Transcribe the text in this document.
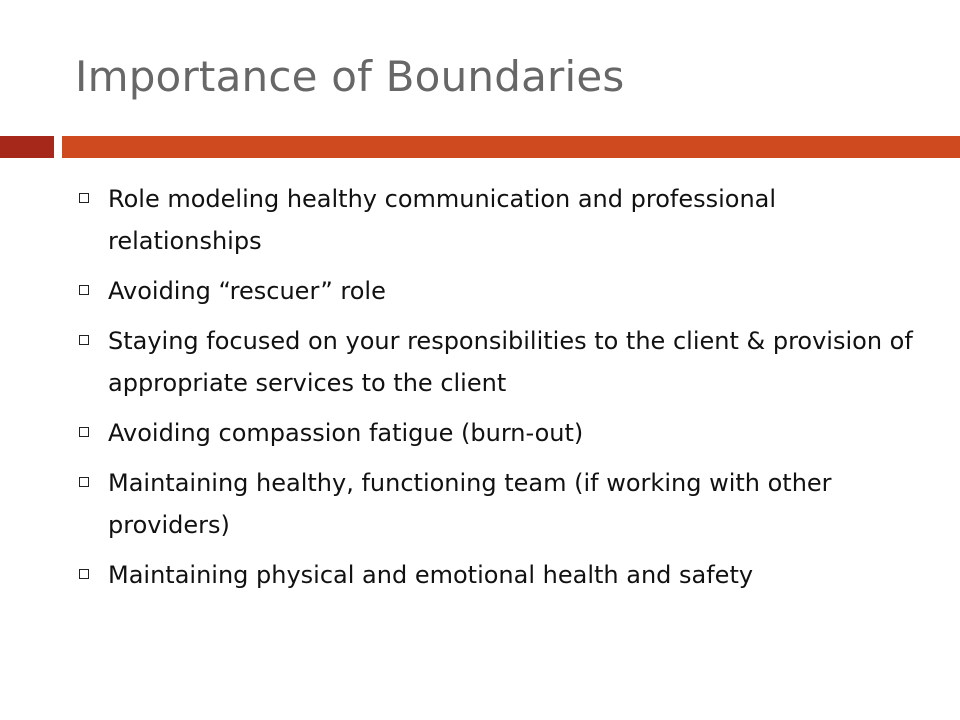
Importance of Boundaries
Role modeling healthy communication and professional relationships
Avoiding “rescuer” role
Staying focused on your responsibilities to the client & provision of appropriate services to the client
Avoiding compassion fatigue (burn-out)
Maintaining healthy, functioning team (if working with other providers)
Maintaining physical and emotional health and safety
